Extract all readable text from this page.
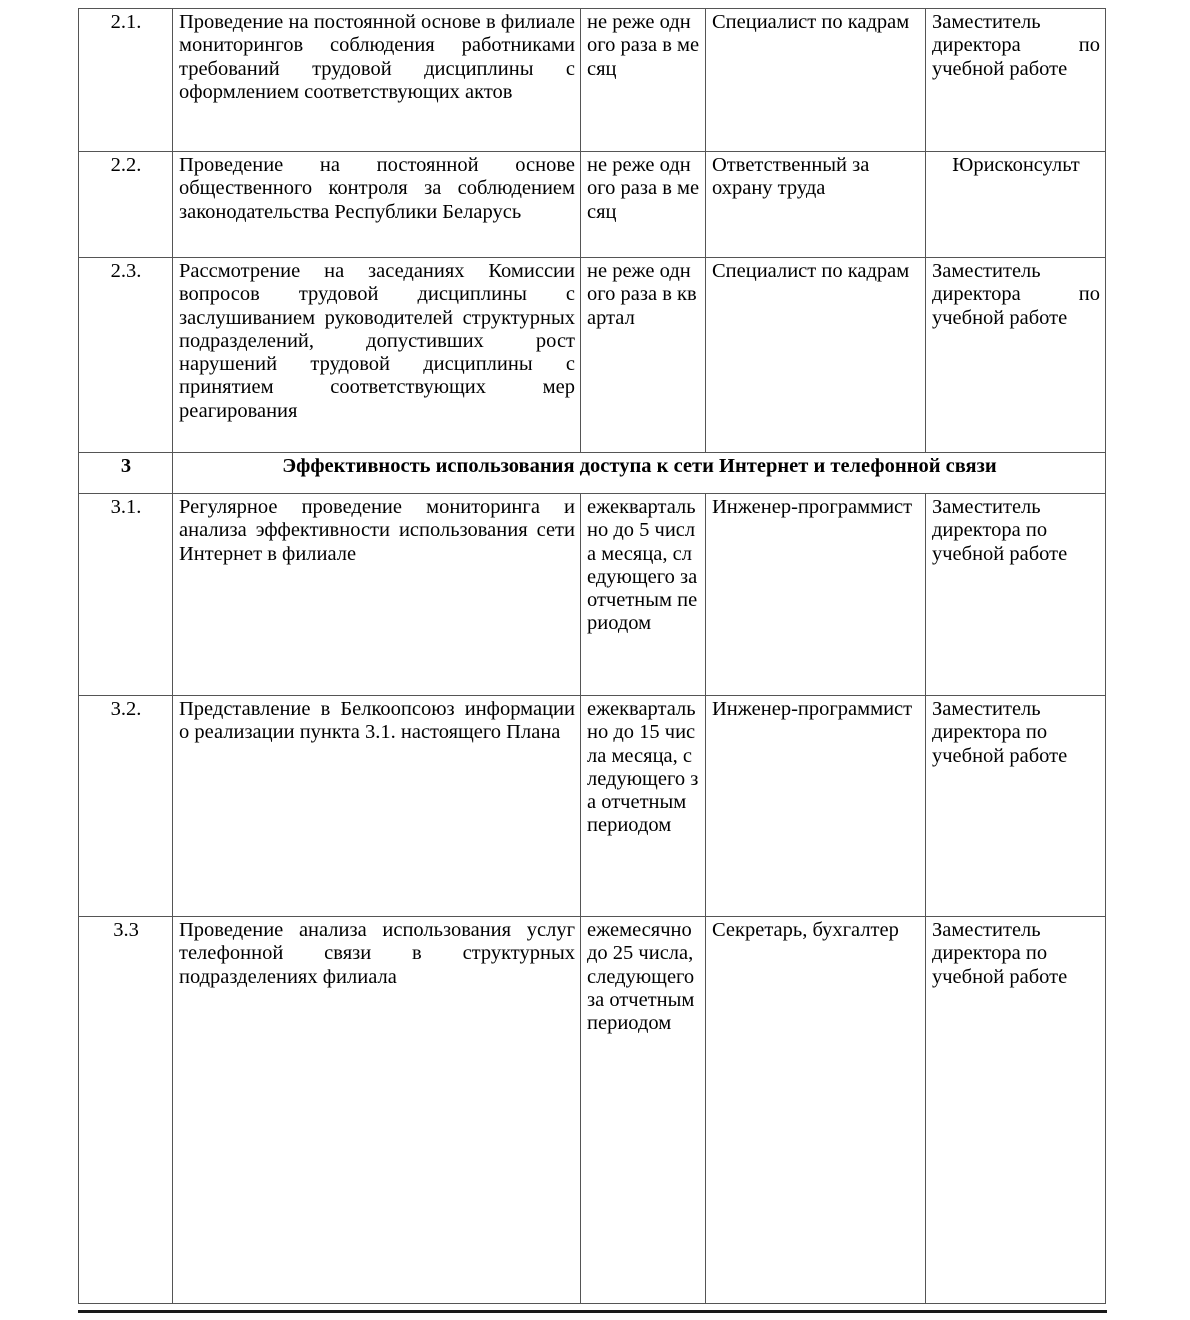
2.1.	Проведение на постоянной основе в филиале мониторингов соблюдения работниками требований трудовой дисциплины с оформлением соответствующих актов	не реже одного раза в месяц	Специалист по кадрам	Заместитель директора по учебной работе
2.2.	Проведение на постоянной основе общественного контроля за соблюдением законодательства Республики Беларусь	не реже одного раза в месяц	Ответственный за охрану труда	Юрисконсульт
2.3.	Рассмотрение на заседаниях Комиссии вопросов трудовой дисциплины с заслушиванием руководителей структурных подразделений, допустивших рост нарушений трудовой дисциплины с принятием соответствующих мер реагирования	не реже одного раза в квартал	Специалист по кадрам	Заместитель директора по учебной работе
3	Эффективность использования доступа к сети Интернет и телефонной связи			
3.1.	Регулярное проведение мониторинга и анализа эффективности использования сети Интернет в филиале	ежеквартально до 5 числа месяца, следующего за отчетным периодом	Инженер-программист	Заместитель директора по учебной работе
3.2.	Представление в Белкоопсоюз информации о реализации пункта 3.1. настоящего Плана	ежеквартально до 15 числа месяца, следующего за отчетным периодом	Инженер-программист	Заместитель директора по учебной работе
3.3	Проведение анализа использования услуг телефонной связи в структурных подразделениях филиала	ежемесячно до 25 числа, следующего за отчетным периодом	Секретарь, бухгалтер	Заместитель директора по учебной работе
